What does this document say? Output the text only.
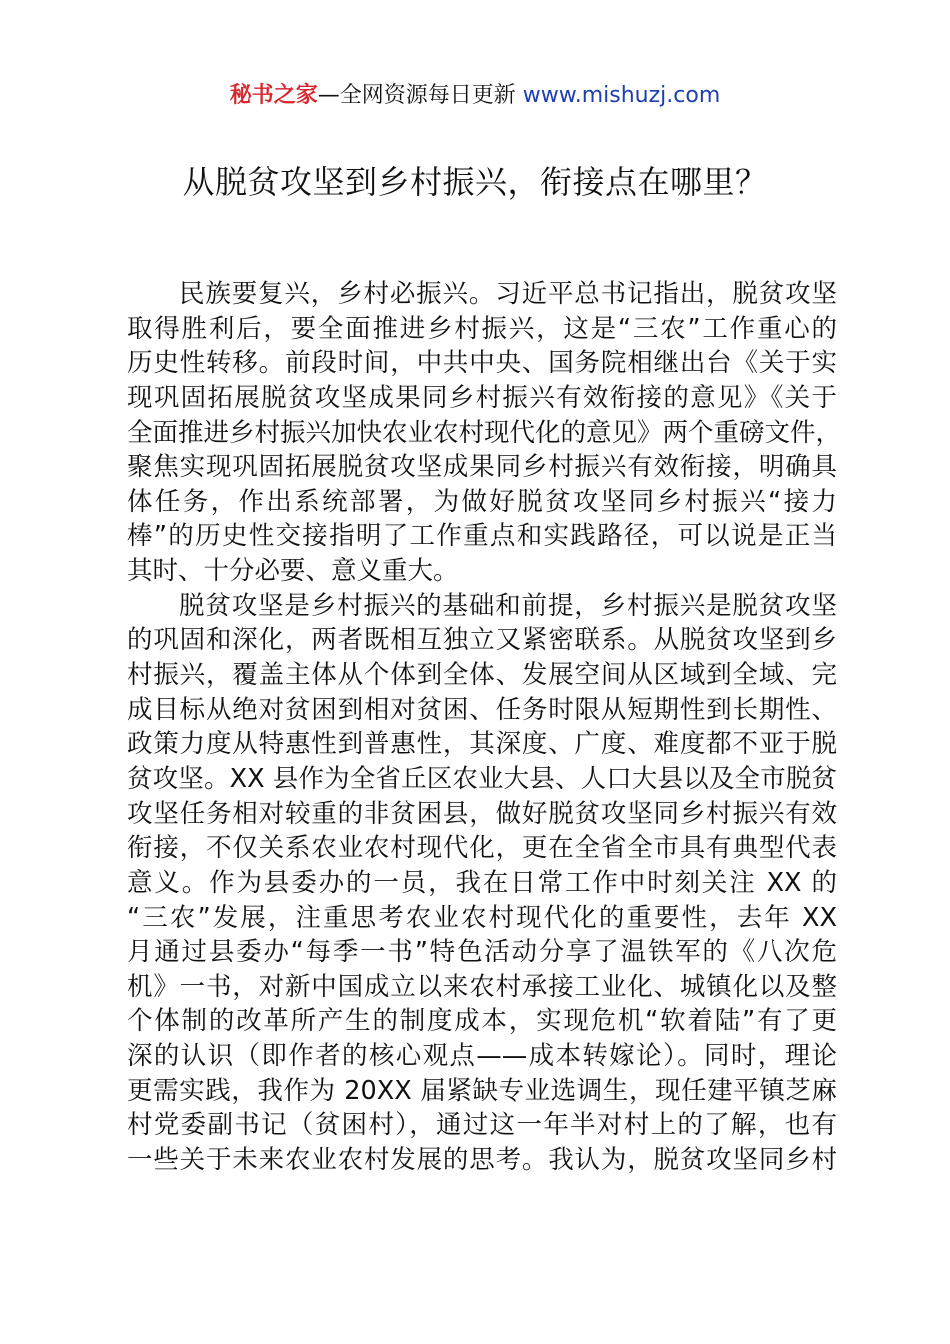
秘书之家—全网资源每日更新 www.mishuzj.com
从脱贫攻坚到乡村振兴，衔接点在哪里？
民族要复兴，乡村必振兴。习近平总书记指出，脱贫攻坚
取得胜利后，要全面推进乡村振兴，这是“三农”工作重心的
历史性转移。前段时间，中共中央、国务院相继出台《关于实
现巩固拓展脱贫攻坚成果同乡村振兴有效衔接的意见》《关于
全面推进乡村振兴加快农业农村现代化的意见》两个重磅文件，
聚焦实现巩固拓展脱贫攻坚成果同乡村振兴有效衔接，明确具
体任务，作出系统部署，为做好脱贫攻坚同乡村振兴“接力
棒”的历史性交接指明了工作重点和实践路径，可以说是正当
其时、十分必要、意义重大。
脱贫攻坚是乡村振兴的基础和前提，乡村振兴是脱贫攻坚
的巩固和深化，两者既相互独立又紧密联系。从脱贫攻坚到乡
村振兴，覆盖主体从个体到全体、发展空间从区域到全域、完
成目标从绝对贫困到相对贫困、任务时限从短期性到长期性、
政策力度从特惠性到普惠性，其深度、广度、难度都不亚于脱
贫攻坚。XX 县作为全省丘区农业大县、人口大县以及全市脱贫
攻坚任务相对较重的非贫困县，做好脱贫攻坚同乡村振兴有效
衔接，不仅关系农业农村现代化，更在全省全市具有典型代表
意义。作为县委办的一员，我在日常工作中时刻关注 XX 的
“三农”发展，注重思考农业农村现代化的重要性，去年 XX
月通过县委办“每季一书”特色活动分享了温铁军的《八次危
机》一书，对新中国成立以来农村承接工业化、城镇化以及整
个体制的改革所产生的制度成本，实现危机“软着陆”有了更
深的认识（即作者的核心观点——成本转嫁论）。同时，理论
更需实践，我作为 20XX 届紧缺专业选调生，现任建平镇芝麻
村党委副书记（贫困村），通过这一年半对村上的了解，也有
一些关于未来农业农村发展的思考。我认为，脱贫攻坚同乡村
